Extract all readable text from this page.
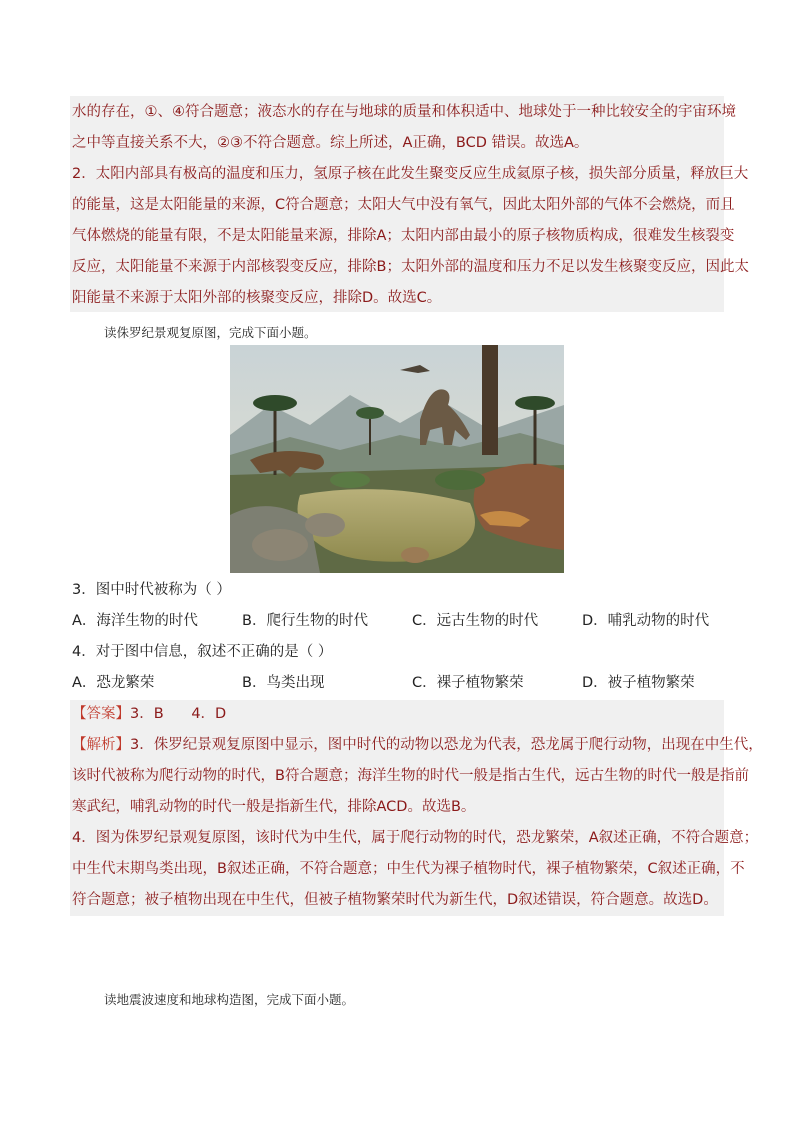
水的存在，①、④符合题意；液态水的存在与地球的质量和体积适中、地球处于一种比较安全的宇宙环境
之中等直接关系不大，②③不符合题意。综上所述，A正确，BCD 错误。故选A。
2．太阳内部具有极高的温度和压力，氢原子核在此发生聚变反应生成氦原子核，损失部分质量，释放巨大
的能量，这是太阳能量的来源，C符合题意；太阳大气中没有氧气，因此太阳外部的气体不会燃烧，而且
气体燃烧的能量有限，不是太阳能量来源，排除A；太阳内部由最小的原子核物质构成，很难发生核裂变
反应，太阳能量不来源于内部核裂变反应，排除B；太阳外部的温度和压力不足以发生核聚变反应，因此太
阳能量不来源于太阳外部的核聚变反应，排除D。故选C。
读侏罗纪景观复原图，完成下面小题。
3．图中时代被称为（ ）
A．海洋生物的时代	B．爬行生物的时代	C．远古生物的时代	D．哺乳动物的时代
4．对于图中信息，叙述不正确的是（ ）
A．恐龙繁荣	B．鸟类出现	C．裸子植物繁荣	D．被子植物繁荣
【答案】3．B      4．D
【解析】3．侏罗纪景观复原图中显示，图中时代的动物以恐龙为代表，恐龙属于爬行动物，出现在中生代，
该时代被称为爬行动物的时代，B符合题意；海洋生物的时代一般是指古生代，远古生物的时代一般是指前
寒武纪，哺乳动物的时代一般是指新生代，排除ACD。故选B。
4．图为侏罗纪景观复原图，该时代为中生代，属于爬行动物的时代，恐龙繁荣，A叙述正确，不符合题意；
中生代末期鸟类出现，B叙述正确，不符合题意；中生代为裸子植物时代，裸子植物繁荣，C叙述正确，不
符合题意；被子植物出现在中生代，但被子植物繁荣时代为新生代，D叙述错误，符合题意。故选D。
读地震波速度和地球构造图，完成下面小题。
